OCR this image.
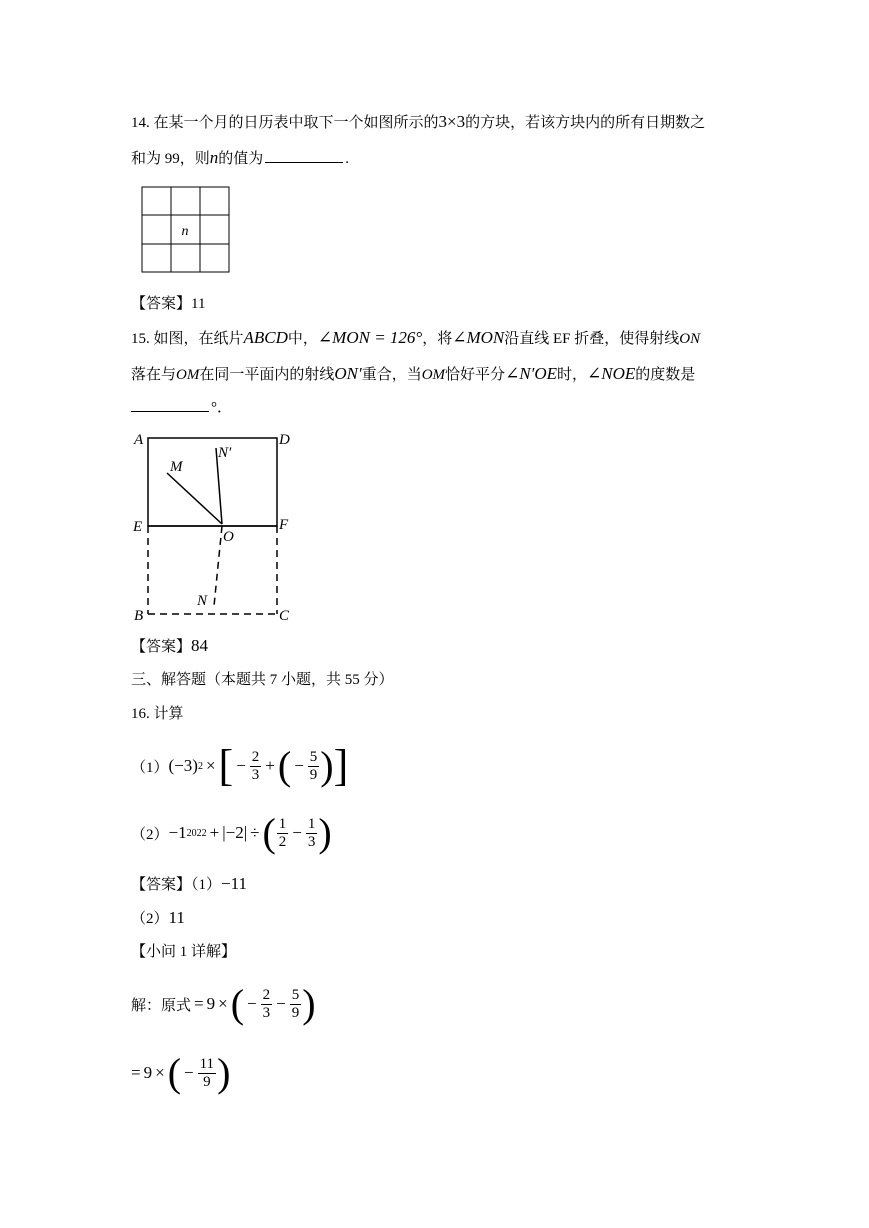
14. 在某一个月的日历表中取下一个如图所示的3×3的方块，若该方块内的所有日期数之
和为 99，则n的值为	.
n
【答案】11
15. 如图，在纸片ABCD中，∠MON = 126°，将∠MON沿直线 EF 折叠，使得射线ON
落在与OM在同一平面内的射线ON′重合，当OM恰好平分∠N′OE时，∠NOE的度数是
°．
A	D
M
N′
E	F
O
B
N
C
【答案】84
三、解答题（本题共 7 小题，共 55 分）
16. 计算
（1） (−3) 2 × [ − $\frac{2}{3}$ + ( − $\frac{5}{9}$ ) ]
（2） −1 2022 + |−2| ÷ ( $\frac{1}{2} - \frac{1}{3}$ )
【答案】（1）−11
（2）11
【小问 1 详解】
解：原式 = 9 × ( − $\frac{2}{3} - \frac{5}{9}$ )
= 9 × ( − $\frac{11}{9}$ )
